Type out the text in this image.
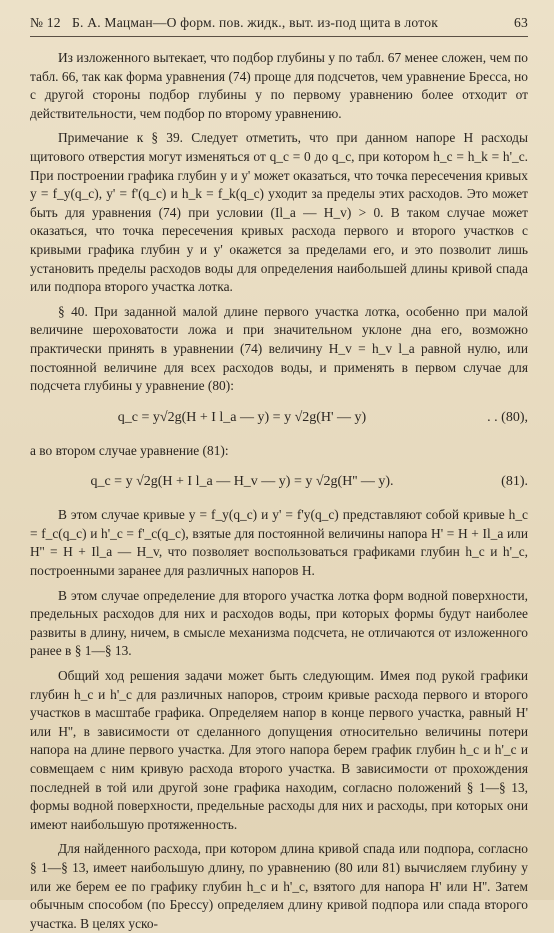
№ 12 Б. А. Мацман—О форм. пов. жидк., выт. из-под щита в лоток	63

Из изложенного вытекает, что подбор глубины у по табл. 67 менее сложен, чем по табл. 66, так как форма уравнения (74) проще для подсчетов, чем уравнение Бресса, но с другой стороны подбор глубины у по первому уравнению более отходит от действительности, чем подбор по второму уравнению.

Примечание к § 39. Следует отметить, что при данном напоре H расходы щитового отверстия могут изменяться от q_c = 0 до q_c, при котором h_c = h_k = h'_c. При построении графика глубин у и у' может оказаться, что точка пересечения кривых у = f_y(q_c), у' = f'(q_c) и h_k = f_k(q_c) уходит за пределы этих расходов. Это может быть для уравнения (74) при условии (Il_a — H_v) > 0. В таком случае может оказаться, что точка пересечения кривых расхода первого и второго участков с кривыми графика глубин у и у' окажется за пределами его, и это позволит лишь установить пределы расходов воды для определения наибольшей длины кривой спада или подпора второго участка лотка.

§ 40. При заданной малой длине первого участка лотка, особенно при малой величине шероховатости ложа и при значительном уклоне дна его, возможно практически принять в уравнении (74) величину H_v = h_v l_a равной нулю, или постоянной величине для всех расходов воды, и применять в первом случае для подсчета глубины у уравнение (80):

q_c = y√2g(H + I l_a — y) = y √2g(H' — y)	. . (80),

а во втором случае уравнение (81):

q_c = y √2g(H + I l_a — H_v — y) = y √2g(H'' — y).	(81).

В этом случае кривые у = f_y(q_c) и у' = f'y(q_c) представляют собой кривые h_c = f_c(q_c) и h'_c = f'_c(q_c), взятые для постоянной величины напора H' = H + Il_a или H'' = H + Il_a — H_v, что позволяет воспользоваться графиками глубин h_c и h'_c, построенными заранее для различных напоров H.

В этом случае определение для второго участка лотка форм водной поверхности, предельных расходов для них и расходов воды, при которых формы будут наиболее развиты в длину, ничем, в смысле механизма подсчета, не отличаются от изложенного ранее в § 1—§ 13.

Общий ход решения задачи может быть следующим. Имея под рукой графики глубин h_c и h'_c для различных напоров, строим кривые расхода первого и второго участков в масштабе графика. Определяем напор в конце первого участка, равный H' или H'', в зависимости от сделанного допущения относительно величины потери напора на длине первого участка. Для этого напора берем график глубин h_c и h'_c и совмещаем с ним кривую расхода второго участка. В зависимости от прохождения последней в той или другой зоне графика находим, согласно положений § 1—§ 13, формы водной поверхности, предельные расходы для них и расходы, при которых они имеют наибольшую протяженность.

Для найденного расхода, при котором длина кривой спада или подпора, согласно § 1—§ 13, имеет наибольшую длину, по уравнению (80 или 81) вычисляем глубину у или же берем ее по графику глубин h_c и h'_c, взятого для напора H' или H''. Затем обычным способом (по Брессу) определяем длину кривой подпора или спада второго участка. В целях уско-
